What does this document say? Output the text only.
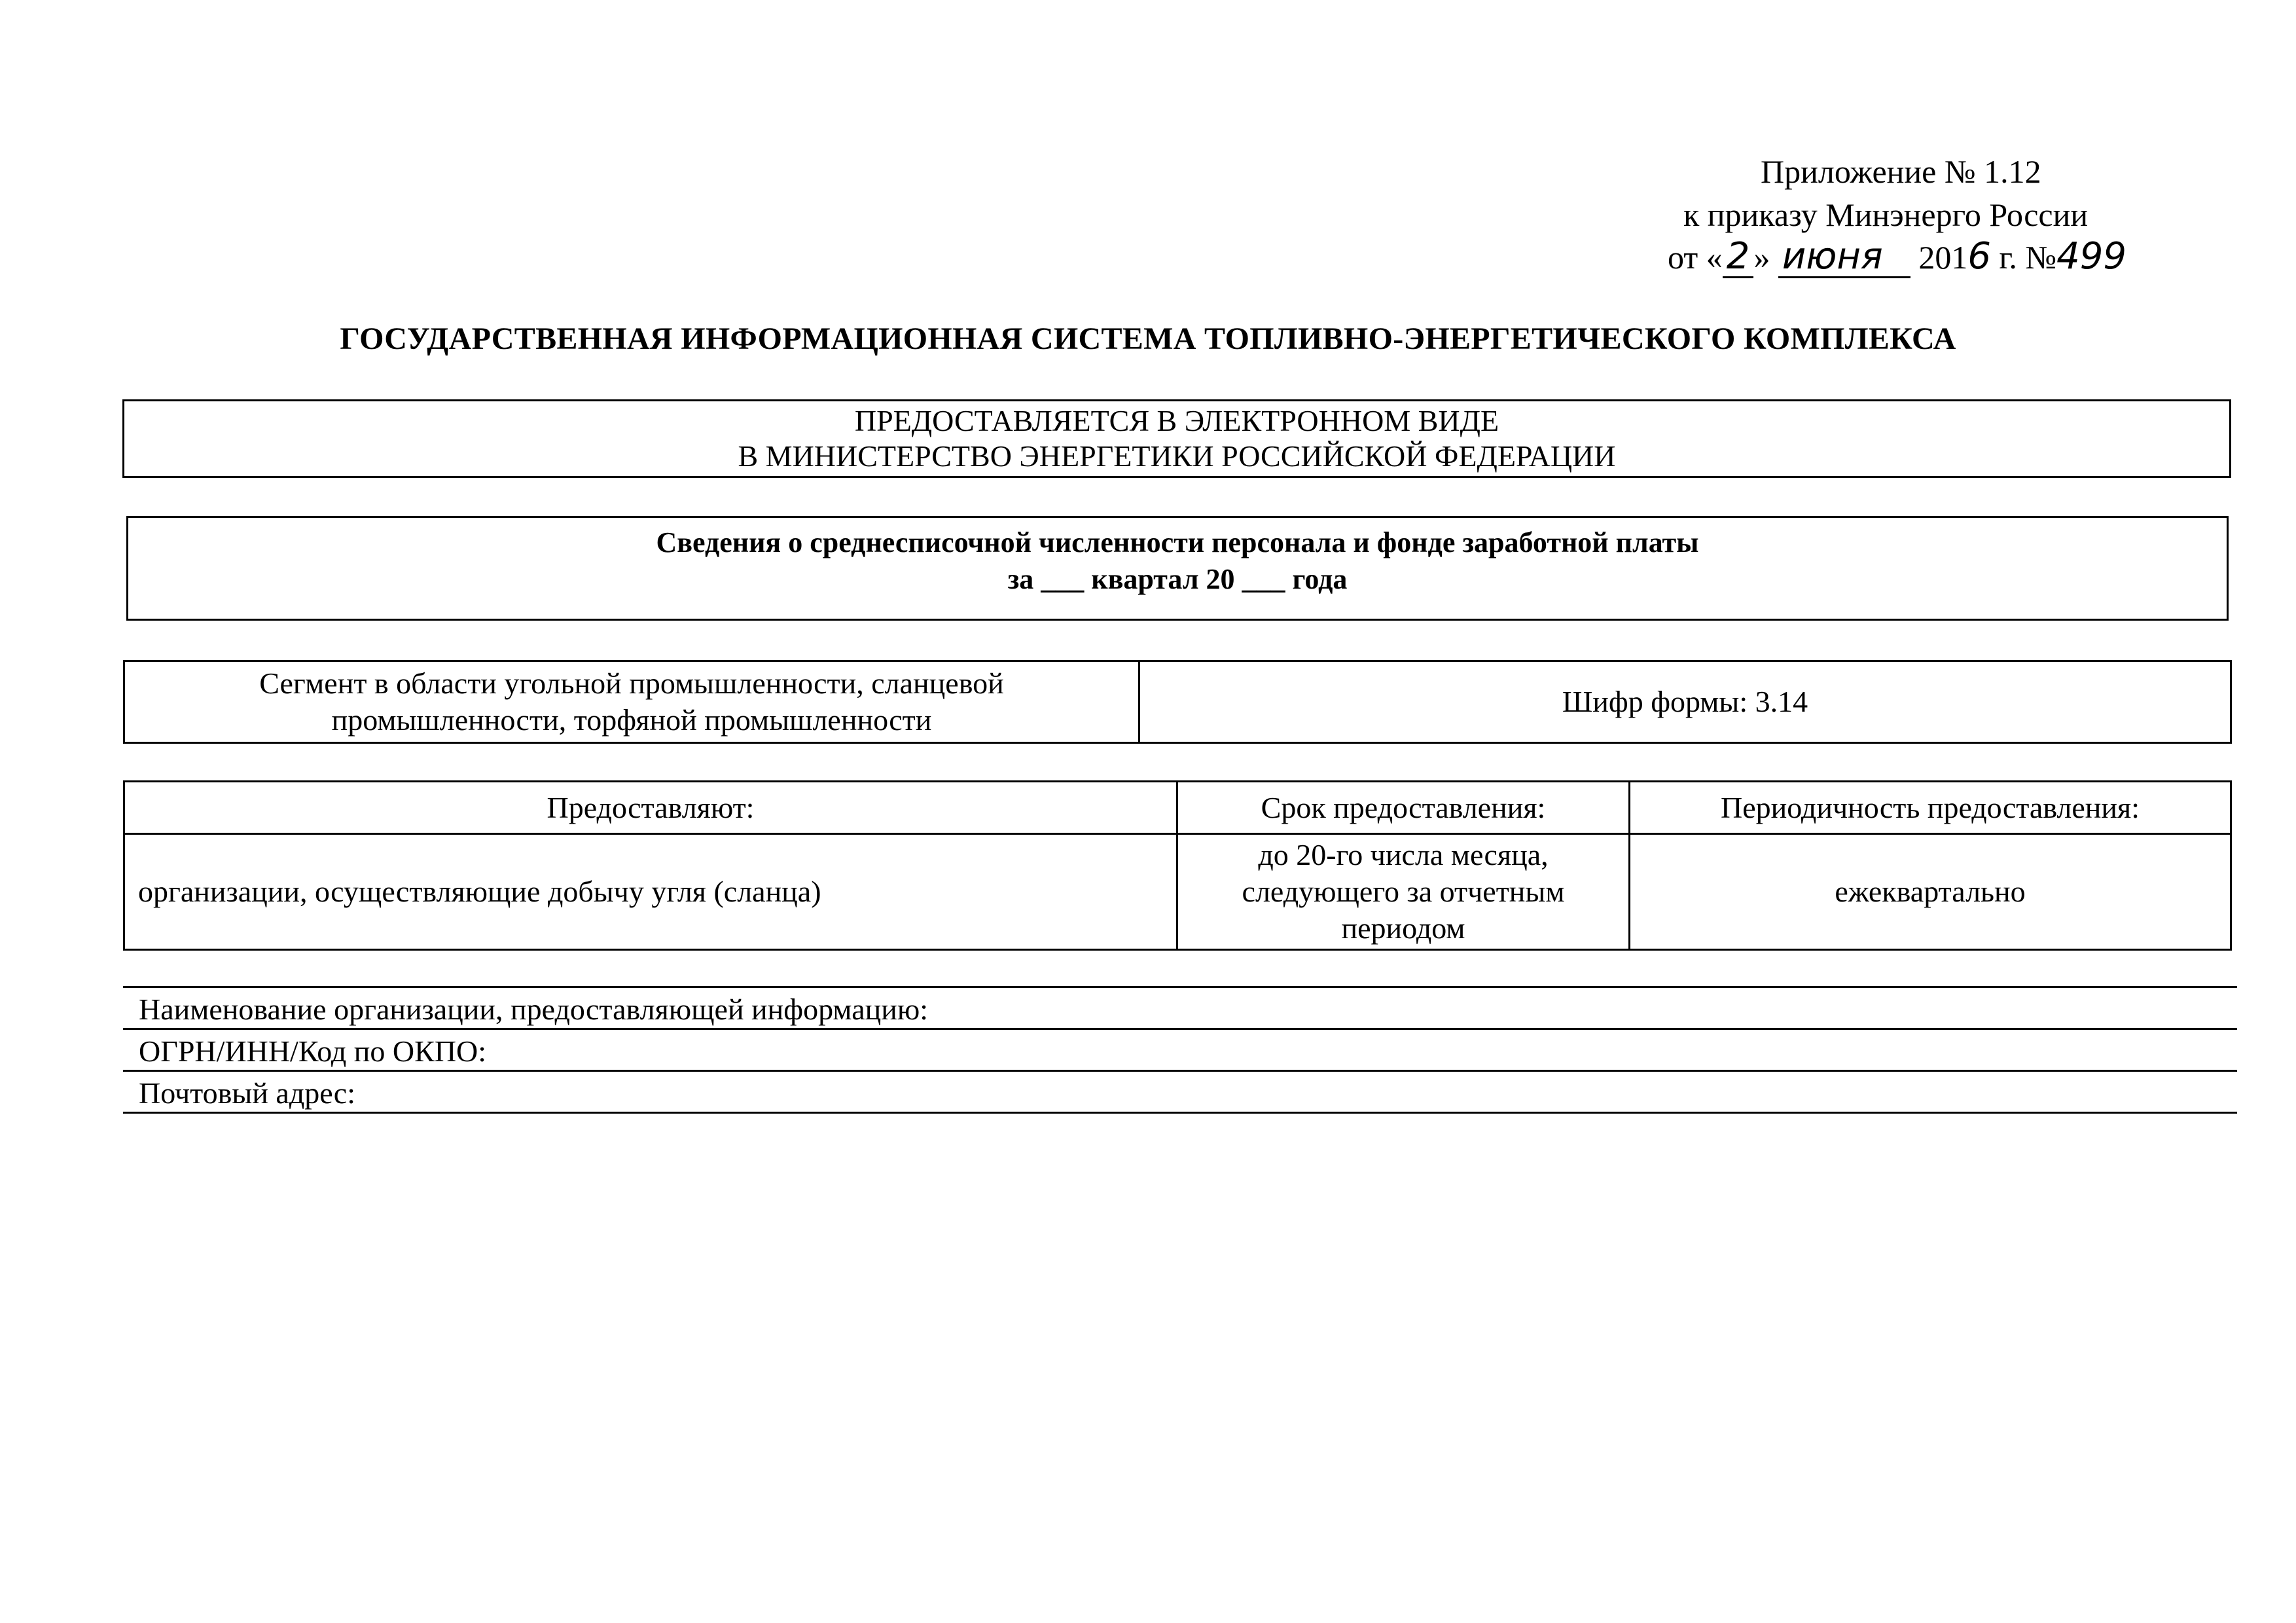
Приложение № 1.12
к приказу Минэнерго России
от « 2 » июня 2016 г. №499
ГОСУДАРСТВЕННАЯ ИНФОРМАЦИОННАЯ СИСТЕМА ТОПЛИВНО-ЭНЕРГЕТИЧЕСКОГО КОМПЛЕКСА
ПРЕДОСТАВЛЯЕТСЯ В ЭЛЕКТРОННОМ ВИДЕ
В МИНИСТЕРСТВО ЭНЕРГЕТИКИ РОССИЙСКОЙ ФЕДЕРАЦИИ
Сведения о среднесписочной численности персонала и фонде заработной платы
за ___ квартал 20 ___ года
Сегмент в области угольной промышленности, сланцевой
промышленности, торфяной промышленности
	Шифр формы: 3.14
Предоставляют:	Срок предоставления:	Периодичность предоставления:
организации, осуществляющие добычу угля (сланца)	до 20-го числа месяца,
следующего за отчетным
периодом	ежеквартально
Наименование организации, предоставляющей информацию:
ОГРН/ИНН/Код по ОКПО:
Почтовый адрес:
